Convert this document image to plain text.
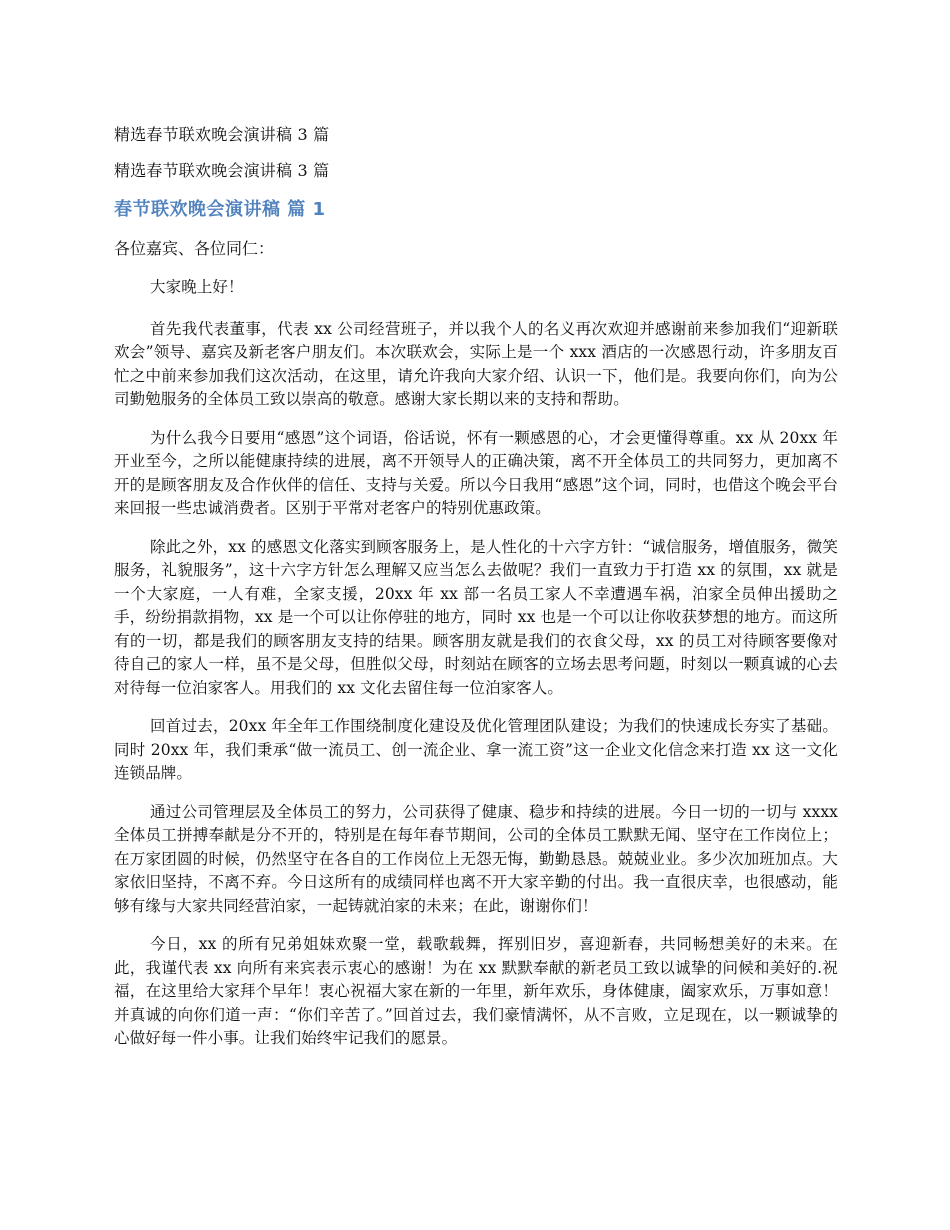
精选春节联欢晚会演讲稿 3 篇

精选春节联欢晚会演讲稿 3 篇

春节联欢晚会演讲稿 篇 1

各位嘉宾、各位同仁：

大家晚上好！

首先我代表董事，代表 xx 公司经营班子，并以我个人的名义再次欢迎并感谢前来参加我们“迎新联欢会”领导、嘉宾及新老客户朋友们。本次联欢会，实际上是一个 xxx 酒店的一次感恩行动，许多朋友百忙之中前来参加我们这次活动，在这里，请允许我向大家介绍、认识一下，他们是。我要向你们，向为公司勤勉服务的全体员工致以崇高的敬意。感谢大家长期以来的支持和帮助。

为什么我今日要用“感恩”这个词语，俗话说，怀有一颗感恩的心，才会更懂得尊重。xx 从 20xx 年开业至今，之所以能健康持续的进展，离不开领导人的正确决策，离不开全体员工的共同努力，更加离不开的是顾客朋友及合作伙伴的信任、支持与关爱。所以今日我用“感恩”这个词，同时，也借这个晚会平台来回报一些忠诚消费者。区别于平常对老客户的特别优惠政策。

除此之外，xx 的感恩文化落实到顾客服务上，是人性化的十六字方针：“诚信服务，增值服务，微笑服务，礼貌服务”，这十六字方针怎么理解又应当怎么去做呢？我们一直致力于打造 xx 的氛围，xx 就是一个大家庭，一人有难，全家支援，20xx 年 xx 部一名员工家人不幸遭遇车祸，泊家全员伸出援助之手，纷纷捐款捐物，xx 是一个可以让你停驻的地方，同时 xx 也是一个可以让你收获梦想的地方。而这所有的一切，都是我们的顾客朋友支持的结果。顾客朋友就是我们的衣食父母，xx 的员工对待顾客要像对待自己的家人一样，虽不是父母，但胜似父母，时刻站在顾客的立场去思考问题，时刻以一颗真诚的心去对待每一位泊家客人。用我们的 xx 文化去留住每一位泊家客人。

回首过去，20xx 年全年工作围绕制度化建设及优化管理团队建设；为我们的快速成长夯实了基础。同时 20xx 年，我们秉承“做一流员工、创一流企业、拿一流工资”这一企业文化信念来打造 xx 这一文化连锁品牌。

通过公司管理层及全体员工的努力，公司获得了健康、稳步和持续的进展。今日一切的一切与 xxxx 全体员工拼搏奉献是分不开的，特别是在每年春节期间，公司的全体员工默默无闻、坚守在工作岗位上；在万家团圆的时候，仍然坚守在各自的工作岗位上无怨无悔，勤勤恳恳。兢兢业业。多少次加班加点。大家依旧坚持，不离不弃。今日这所有的成绩同样也离不开大家辛勤的付出。我一直很庆幸，也很感动，能够有缘与大家共同经营泊家，一起铸就泊家的未来；在此，谢谢你们！

今日，xx 的所有兄弟姐妹欢聚一堂，载歌载舞，挥别旧岁，喜迎新春，共同畅想美好的未来。在此，我谨代表 xx 向所有来宾表示衷心的感谢！为在 xx 默默奉献的新老员工致以诚挚的问候和美好的.祝福，在这里给大家拜个早年！衷心祝福大家在新的一年里，新年欢乐，身体健康，阖家欢乐，万事如意！并真诚的向你们道一声：“你们辛苦了。”回首过去，我们豪情满怀，从不言败，立足现在，以一颗诚挚的心做好每一件小事。让我们始终牢记我们的愿景。
